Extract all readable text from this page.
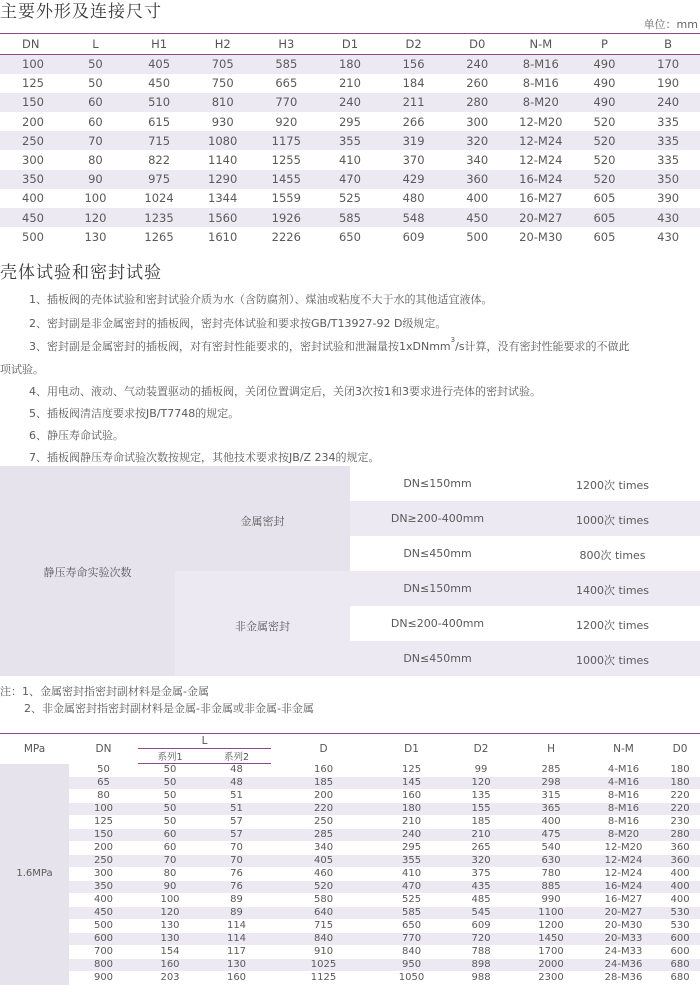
主要外形及连接尺寸
单位：mm
DN	L	H1	H2	H3	D1	D2	D0	N-M	P	B
100	50	405	705	585	180	156	240	8-M16	490	170
125	50	450	750	665	210	184	260	8-M16	490	190
150	60	510	810	770	240	211	280	8-M20	490	240
200	60	615	930	920	295	266	300	12-M20	520	335
250	70	715	1080	1175	355	319	320	12-M24	520	335
300	80	822	1140	1255	410	370	340	12-M24	520	335
350	90	975	1290	1455	470	429	360	16-M24	520	350
400	100	1024	1344	1559	525	480	400	16-M27	605	390
450	120	1235	1560	1926	585	548	450	20-M27	605	430
500	130	1265	1610	2226	650	609	500	20-M30	605	430
壳体试验和密封试验

1、插板阀的壳体试验和密封试验介质为水（含防腐剂）、煤油或粘度不大于水的其他适宜液体。

2、密封副是非金属密封的插板阀，密封壳体试验和要求按GB/T13927-92 D级规定。

3、密封副是金属密封的插板阀，对有密封性能要求的，密封试验和泄漏量按1xDNmm$^3$/s计算，没有密封性能要求的不做此

项试验。

4、用电动、液动、气动装置驱动的插板阀，关闭位置调定后，关闭3次按1和3要求进行壳体的密封试验。

5、插板阀清洁度要求按JB/T7748的规定。

6、静压寿命试验。

7、插板阀静压寿命试验次数按规定，其他技术要求按JB/Z 234的规定。

静压寿命实验次数
金属密封
非金属密封
DN≤150mm	1200次 times
DN≥200-400mm	1000次 times
DN≤450mm	800次 times
DN≤150mm	1400次 times
DN≤200-400mm	1200次 times
DN≤450mm	1000次 times

注：1、金属密封指密封副材料是金属-金属

2、非金属密封指密封副材料是金属-非金属或非金属-非金属

MPa	DN	L		D	D1	D2	H	N-M	D0
		系列1	系列2						
1.6MPa	50	50	48	160	125	99	285	4-M16	180
	65	50	48	185	145	120	298	4-M16	180
	80	50	51	200	160	135	315	8-M16	220
	100	50	51	220	180	155	365	8-M16	220
	125	50	57	250	210	185	400	8-M16	230
	150	60	57	285	240	210	475	8-M20	280
	200	60	70	340	295	265	540	12-M20	360
	250	70	70	405	355	320	630	12-M24	360
	300	80	76	460	410	375	780	12-M24	400
	350	90	76	520	470	435	885	16-M24	400
	400	100	89	580	525	485	990	16-M27	400
	450	120	89	640	585	545	1100	20-M27	530
	500	130	114	715	650	609	1200	20-M30	530
	600	130	114	840	770	720	1450	20-M33	600
	700	154	117	910	840	788	1700	24-M33	600
	800	160	130	1025	950	898	2000	24-M36	680
	900	203	160	1125	1050	988	2300	28-M36	680
